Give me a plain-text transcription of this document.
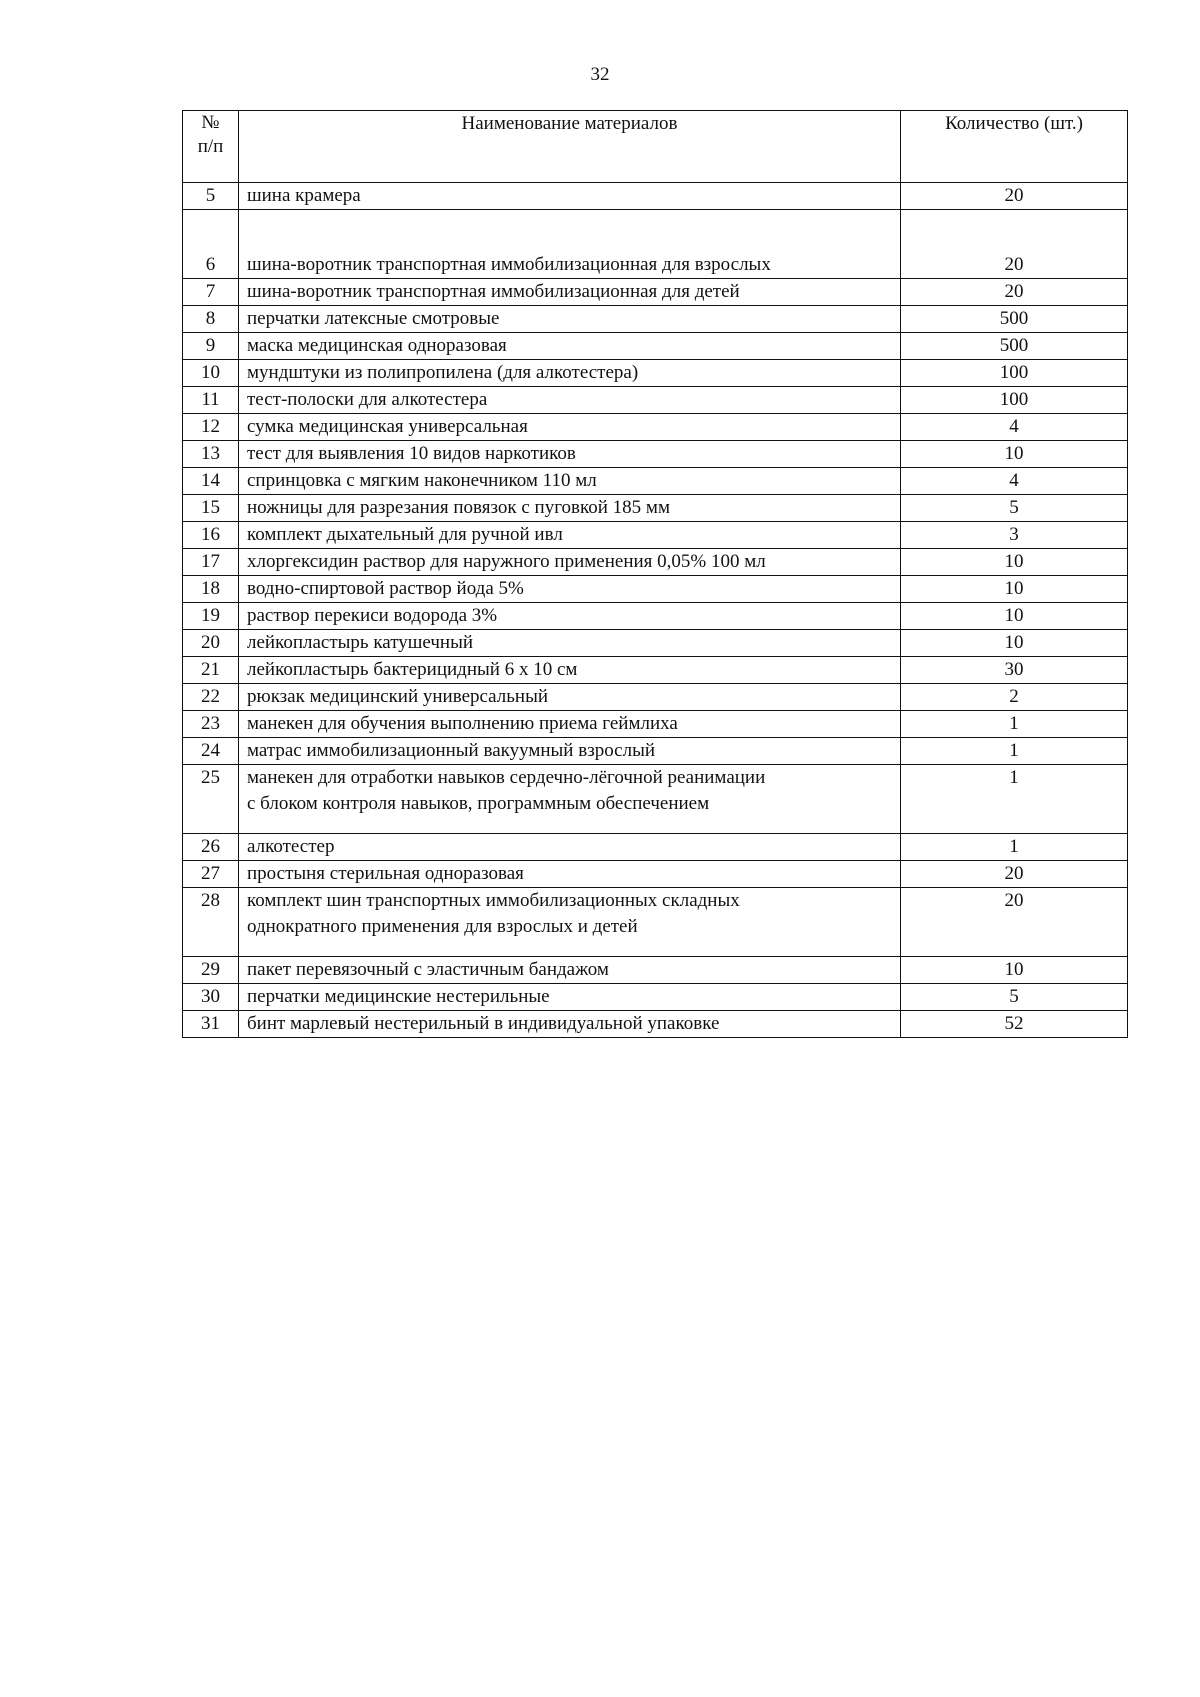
32
№
п/п	Наименование материалов	Количество (шт.)
5	шина крамера	20
6	шина-воротник транспортная иммобилизационная для взрослых	20
7	шина-воротник транспортная иммобилизационная для детей	20
8	перчатки латексные смотровые	500
9	маска медицинская одноразовая	500
10	мундштуки из полипропилена (для алкотестера)	100
11	тест-полоски для алкотестера	100
12	сумка медицинская универсальная	4
13	тест для выявления 10 видов наркотиков	10
14	спринцовка с мягким наконечником 110 мл	4
15	ножницы для разрезания повязок с пуговкой 185 мм	5
16	комплект дыхательный для ручной ивл	3
17	хлоргексидин раствор для наружного применения 0,05% 100 мл	10
18	водно-спиртовой раствор йода 5%	10
19	раствор перекиси водорода 3%	10
20	лейкопластырь катушечный	10
21	лейкопластырь бактерицидный 6 х 10 см	30
22	рюкзак медицинский универсальный	2
23	манекен для обучения выполнению приема геймлиха	1
24	матрас иммобилизационный вакуумный взрослый	1
25	манекен для отработки навыков сердечно-лёгочной реанимации
с блоком контроля навыков, программным обеспечением	1
26	алкотестер	1
27	простыня стерильная одноразовая	20
28	комплект шин транспортных иммобилизационных складных
однократного применения для взрослых и детей	20
29	пакет перевязочный с эластичным бандажом	10
30	перчатки медицинские нестерильные	5
31	бинт марлевый нестерильный в индивидуальной упаковке	52
